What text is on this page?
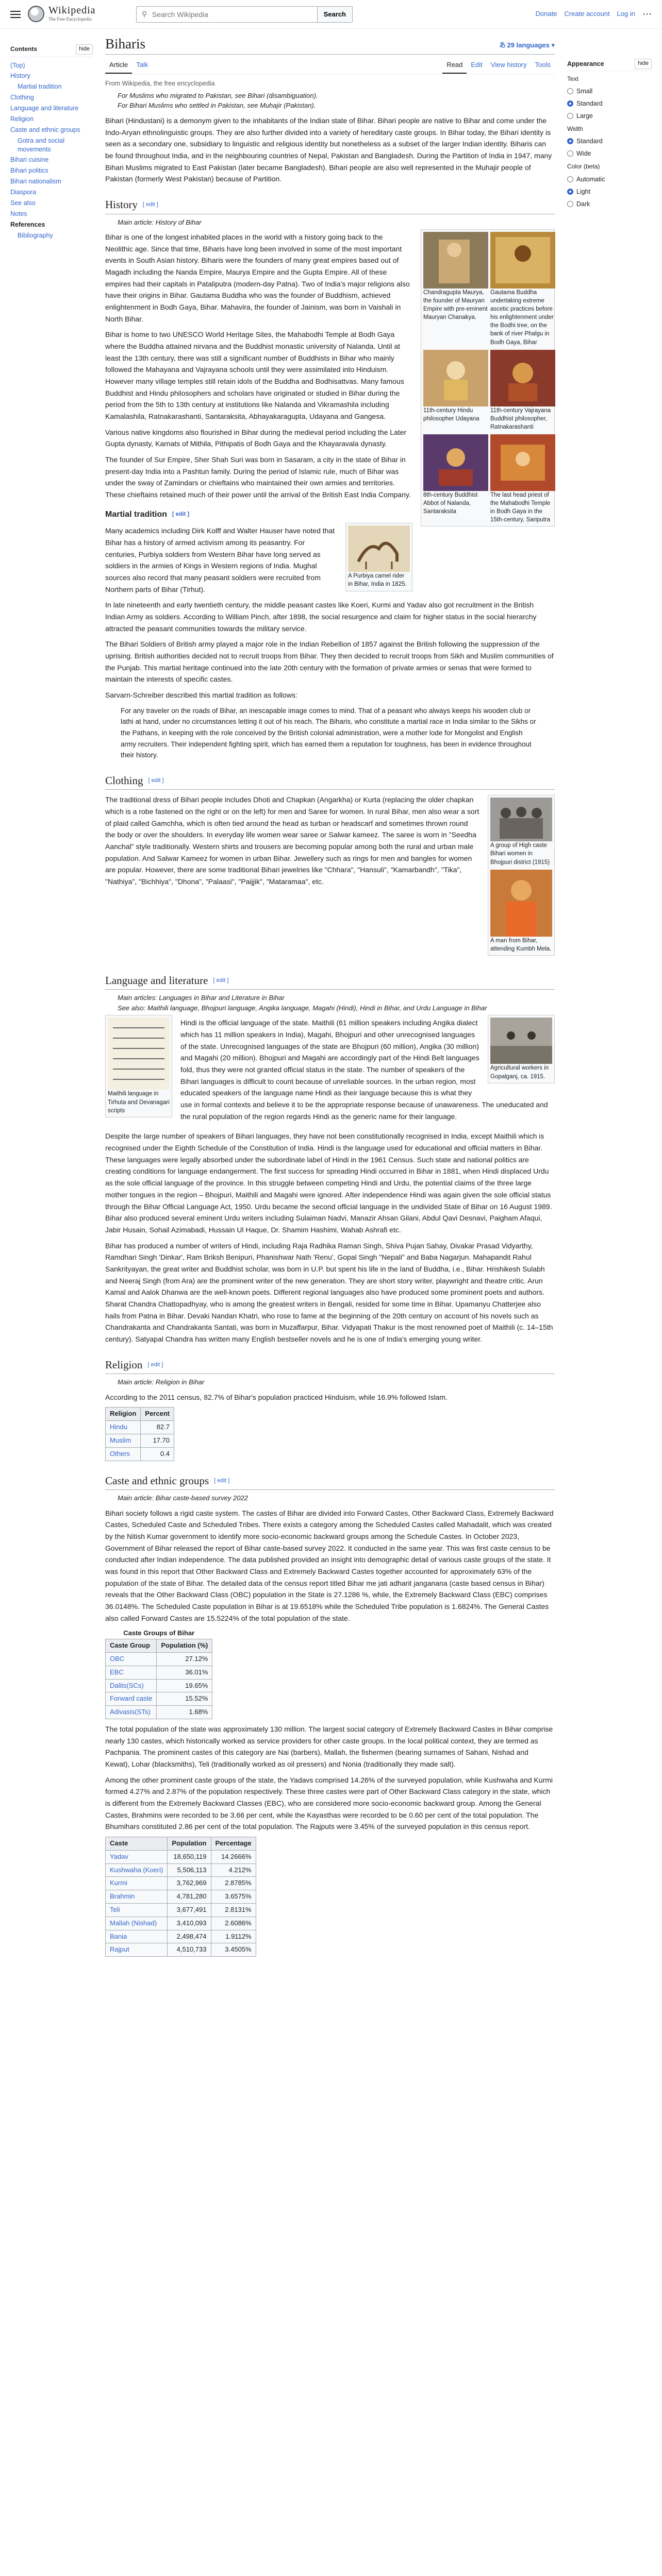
Wikipedia
The Free Encyclopedia
⚲
Search Wikipedia	Search	Donate Create account Log in ⋯
Contents	hide
(Top)
History
Martial tradition
Clothing
Language and literature
Religion
Caste and ethnic groups
Gotra and social movements
Bihari cuisine
Bihari politics
Bihari nationalism
Diaspora
See also
Notes
References
Bibliography
Biharis	あ 29 languages ▾
Article	Talk	Read	Edit	View history	Tools
From Wikipedia, the free encyclopedia
For Muslims who migrated to Pakistan, see Bihari (disambiguation).
For Bihari Muslims who settled in Pakistan, see Muhajir (Pakistan).

Bihari (Hindustani) is a demonym given to the inhabitants of the Indian state of Bihar. Bihari people are native to Bihar and come under the Indo-Aryan ethnolinguistic groups. They are also further divided into a variety of hereditary caste groups. In Bihar today, the Bihari identity is seen as a secondary one, subsidiary to linguistic and religious identity but nonetheless as a subset of the larger Indian identity. Biharis can be found throughout India, and in the neighbouring countries of Nepal, Pakistan and Bangladesh. During the Partition of India in 1947, many Bihari Muslims migrated to East Pakistan (later became Bangladesh). Bihari people are also well represented in the Muhajir people of Pakistan (formerly West Pakistan) because of Partition.

History [ edit ]
Main article: History of Bihar
Chandragupta Maurya, the founder of Mauryan Empire with pre-eminent Mauryan Chanakya.
Gautama Buddha undertaking extreme ascetic practices before his enlightenment under the Bodhi tree, on the bank of river Phalgu in Bodh Gaya, Bihar
11th-century Hindu philosopher Udayana
11th-century Vajrayana Buddhist philosopher, Ratnakarashanti
8th-century Buddhist Abbot of Nalanda, Santaraksita
The last head priest of the Mahabodhi Temple in Bodh Gaya in the 15th-century, Sariputra

Bihar is one of the longest inhabited places in the world with a history going back to the Neolithic age. Since that time, Biharis have long been involved in some of the most important events in South Asian history. Biharis were the founders of many great empires based out of Magadh including the Nanda Empire, Maurya Empire and the Gupta Empire. All of these empires had their capitals in Pataliputra (modern-day Patna). Two of India's major religions also have their origins in Bihar. Gautama Buddha who was the founder of Buddhism, achieved enlightenment in Bodh Gaya, Bihar. Mahavira, the founder of Jainism, was born in Vaishali in North Bihar.

Bihar is home to two UNESCO World Heritage Sites, the Mahabodhi Temple at Bodh Gaya where the Buddha attained nirvana and the Buddhist monastic university of Nalanda. Until at least the 13th century, there was still a significant number of Buddhists in Bihar who mainly followed the Mahayana and Vajrayana schools until they were assimilated into Hinduism. However many village temples still retain idols of the Buddha and Bodhisattvas. Many famous Buddhist and Hindu philosophers and scholars have originated or studied in Bihar during the period from the 5th to 13th century at institutions like Nalanda and Vikramashila including Kamalashila, Ratnakarashanti, Santaraksita, Abhayakaragupta, Udayana and Gangesa.

Various native kingdoms also flourished in Bihar during the medieval period including the Later Gupta dynasty, Karnats of Mithila, Pithipatis of Bodh Gaya and the Khayaravala dynasty.

The founder of Sur Empire, Sher Shah Suri was born in Sasaram, a city in the state of Bihar in present-day India into a Pashtun family. During the period of Islamic rule, much of Bihar was under the sway of Zamindars or chieftains who maintained their own armies and territories. These chieftains retained much of their power until the arrival of the British East India Company.

Martial tradition [ edit ]
A Purbiya camel rider in Bihar, India in 1825.

Many academics including Dirk Kolff and Walter Hauser have noted that Bihar has a history of armed activism among its peasantry. For centuries, Purbiya soldiers from Western Bihar have long served as soldiers in the armies of Kings in Western regions of India. Mughal sources also record that many peasant soldiers were recruited from Northern parts of Bihar (Tirhut).

In late nineteenth and early twentieth century, the middle peasant castes like Koeri, Kurmi and Yadav also got recruitment in the British Indian Army as soldiers. According to William Pinch, after 1898, the social resurgence and claim for higher status in the social hierarchy attracted the peasant communities towards the military service.

The Bihari Soldiers of British army played a major role in the Indian Rebellion of 1857 against the British following the suppression of the uprising. British authorities decided not to recruit troops from Bihar. They then decided to recruit troops from Sikh and Muslim communities of the Punjab. This martial heritage continued into the late 20th century with the formation of private armies or senas that were formed to maintain the interests of specific castes.

Sarvarn-Schreiber described this martial tradition as follows:

For any traveler on the roads of Bihar, an inescapable image comes to mind. That of a peasant who always keeps his wooden club or lathi at hand, under no circumstances letting it out of his reach. The Biharis, who constitute a martial race in India similar to the Sikhs or the Pathans, in keeping with the role conceived by the British colonial administration, were a mother lode for Mongolist and English army recruiters. Their independent fighting spirit, which has earned them a reputation for toughness, has been in evidence throughout their history.
Clothing [ edit ]
A group of High caste Bihari women in Bhojpuri district (1915)
A man from Bihar, attending Kumbh Mela.

The traditional dress of Bihari people includes Dhoti and Chapkan (Angarkha) or Kurta (replacing the older chapkan which is a robe fastened on the right or on the left) for men and Saree for women. In rural Bihar, men also wear a sort of plaid called Gamchha, which is often tied around the head as turban or headscarf and sometimes thrown round the body or over the shoulders. In everyday life women wear saree or Salwar kameez. The saree is worn in "Seedha Aanchal" style traditionally. Western shirts and trousers are becoming popular among both the rural and urban male population. And Salwar Kameez for women in urban Bihar. Jewellery such as rings for men and bangles for women are popular. However, there are some traditional Bihari jewelries like "Chhara", "Hansuli", "Kamarbandh", "Tika", "Nathiya", "Bichhiya", "Dhona", "Palaasi", "Paijjik", "Mataramaa", etc.

Language and literature [ edit ]
Main articles: Languages in Bihar and Literature in Bihar
See also: Maithili language, Bhojpuri language, Angika language, Magahi (Hindi), Hindi in Bihar, and Urdu Language in Bihar
Agricultural workers in Gopalganj, ca. 1915.
Maithili language in Tirhuta and Devanagari scripts

Hindi is the official language of the state. Maithili (61 million speakers including Angika dialect which has 11 million speakers in India), Magahi, Bhojpuri and other unrecognised languages of the state. Unrecognised languages of the state are Bhojpuri (60 million), Angika (30 million) and Magahi (20 million). Bhojpuri and Magahi are accordingly part of the Hindi Belt languages fold, thus they were not granted official status in the state. The number of speakers of the Bihari languages is difficult to count because of unreliable sources. In the urban region, most educated speakers of the language name Hindi as their language because this is what they use in formal contexts and believe it to be the appropriate response because of unawareness. The uneducated and the rural population of the region regards Hindi as the generic name for their language.

Despite the large number of speakers of Bihari languages, they have not been constitutionally recognised in India, except Maithili which is recognised under the Eighth Schedule of the Constitution of India. Hindi is the language used for educational and official matters in Bihar. These languages were legally absorbed under the subordinate label of Hindi in the 1961 Census. Such state and national politics are creating conditions for language endangerment. The first success for spreading Hindi occurred in Bihar in 1881, when Hindi displaced Urdu as the sole official language of the province. In this struggle between competing Hindi and Urdu, the potential claims of the three large mother tongues in the region – Bhojpuri, Maithili and Magahi were ignored. After independence Hindi was again given the sole official status through the Bihar Official Language Act, 1950. Urdu became the second official language in the undivided State of Bihar on 16 August 1989. Bihar also produced several eminent Urdu writers including Sulaiman Nadvi, Manazir Ahsan Gilani, Abdul Qavi Desnavi, Paigham Afaqui, Jabir Husain, Sohail Azimabadi, Hussain Ul Haque, Dr. Shamim Hashimi, Wahab Ashrafi etc.

Bihar has produced a number of writers of Hindi, including Raja Radhika Raman Singh, Shiva Pujan Sahay, Divakar Prasad Vidyarthy, Ramdhari Singh 'Dinkar', Ram Briksh Benipuri, Phanishwar Nath 'Renu', Gopal Singh "Nepali" and Baba Nagarjun. Mahapandit Rahul Sankrityayan, the great writer and Buddhist scholar, was born in U.P. but spent his life in the land of Buddha, i.e., Bihar. Hrishikesh Sulabh and Neeraj Singh (from Ara) are the prominent writer of the new generation. They are short story writer, playwright and theatre critic. Arun Kamal and Aalok Dhanwa are the well-known poets. Different regional languages also have produced some prominent poets and authors. Sharat Chandra Chattopadhyay, who is among the greatest writers in Bengali, resided for some time in Bihar. Upamanyu Chatterjee also hails from Patna in Bihar. Devaki Nandan Khatri, who rose to fame at the beginning of the 20th century on account of his novels such as Chandrakanta and Chandrakanta Santati, was born in Muzaffarpur, Bihar. Vidyapati Thakur is the most renowned poet of Maithili (c. 14–15th century). Satyapal Chandra has written many English bestseller novels and he is one of India's emerging young writer.

Religion [ edit ]
Main article: Religion in Bihar

According to the 2011 census, 82.7% of Bihar's population practiced Hinduism, while 16.9% followed Islam.

Religion	Percent
Hindu	82.7
Muslim	17.70
Others	0.4
Caste and ethnic groups [ edit ]
Main article: Bihar caste-based survey 2022

Bihari society follows a rigid caste system. The castes of Bihar are divided into Forward Castes, Other Backward Class, Extremely Backward Castes, Scheduled Caste and Scheduled Tribes. There exists a category among the Scheduled Castes called Mahadalit, which was created by the Nitish Kumar government to identify more socio-economic backward groups among the Schedule Castes. In October 2023, Government of Bihar released the report of Bihar caste-based survey 2022. It conducted in the same year. This was first caste census to be conducted after Indian independence. The data published provided an insight into demographic detail of various caste groups of the state. It was found in this report that Other Backward Class and Extremely Backward Castes together accounted for approximately 63% of the population of the state of Bihar. The detailed data of the census report titled Bihar me jati adharit janganana (caste based census in Bihar) reveals that the Other Backward Class (OBC) population in the State is 27.1286 %, while, the Extremely Backward Class (EBC) comprises 36.0148%. The Scheduled Caste population in Bihar is at 19.6518% while the Scheduled Tribe population is 1.6824%. The General Castes also called Forward Castes are 15.5224% of the total population of the state.

Caste Groups of Bihar
Caste Group	Population (%)
OBC	27.12%
EBC	36.01%
Dalits(SCs)	19.65%
Forward caste	15.52%
Adivasis(STs)	1.68%

The total population of the state was approximately 130 million. The largest social category of Extremely Backward Castes in Bihar comprise nearly 130 castes, which historically worked as service providers for other caste groups. In the local political context, they are termed as Pachpania. The prominent castes of this category are Nai (barbers), Mallah, the fishermen (bearing surnames of Sahani, Nishad and Kewat), Lohar (blacksmiths), Teli (traditionally worked as oil pressers) and Nonia (traditionally they made salt).

Among the other prominent caste groups of the state, the Yadavs comprised 14.26% of the surveyed population, while Kushwaha and Kurmi formed 4.27% and 2.87% of the population respectively. These three castes were part of Other Backward Class category in the state, which is different from the Extremely Backward Classes (EBC), who are considered more socio-economic backward group. Among the General Castes, Brahmins were recorded to be 3.66 per cent, while the Kayasthas were recorded to be 0.60 per cent of the total population. The Bhumihars constituted 2.86 per cent of the total population. The Rajputs were 3.45% of the surveyed population in this census report.

Caste	Population	Percentage
Yadav	18,650,119	14.2666%
Kushwaha (Koeri)	5,506,113	4.212%
Kurmi	3,762,969	2.8785%
Brahmin	4,781,280	3.6575%
Teli	3,677,491	2.8131%
Mallah (Nishad)	3,410,093	2.6086%
Bania	2,498,474	1.9112%
Rajput	4,510,733	3.4505%
Appearance	hide
Text
Small
Standard
Large
Width
Standard
Wide
Color (beta)
Automatic
Light
Dark
